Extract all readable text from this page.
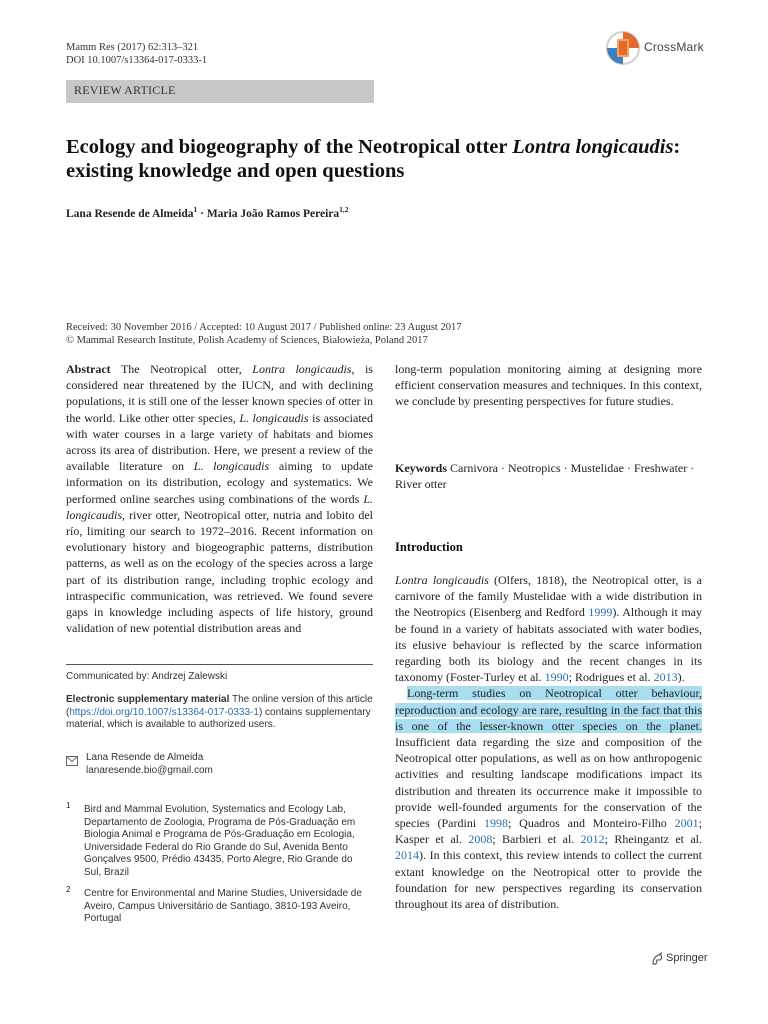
Mamm Res (2017) 62:313–321
DOI 10.1007/s13364-017-0333-1
CrossMark
REVIEW ARTICLE
Ecology and biogeography of the Neotropical otter Lontra longicaudis: existing knowledge and open questions
Lana Resende de Almeida$^1$ · Maria João Ramos Pereira$^{1,2}$
Received: 30 November 2016 / Accepted: 10 August 2017 / Published online: 23 August 2017
© Mammal Research Institute, Polish Academy of Sciences, Białowieża, Poland 2017

Abstract The Neotropical otter, Lontra longicaudis, is considered near threatened by the IUCN, and with declining populations, it is still one of the lesser known species of otter in the world. Like other otter species, L. longicaudis is associated with water courses in a large variety of habitats and biomes across its area of distribution. Here, we present a review of the available literature on L. longicaudis aiming to update information on its distribution, ecology and systematics. We performed online searches using combinations of the words L. longicaudis, river otter, Neotropical otter, nutria and lobito del río, limiting our search to 1972–2016. Recent information on evolutionary history and biogeographic patterns, distribution patterns, as well as on the ecology of the species across a large part of its distribution range, including trophic ecology and intraspecific communication, was retrieved. We found severe gaps in knowledge including aspects of life history, ground validation of new potential distribution areas and

Communicated by: Andrzej Zalewski
Electronic supplementary material The online version of this article (https://doi.org/10.1007/s13364-017-0333-1) contains supplementary material, which is available to authorized users.
Lana Resende de Almeida
lanaresende.bio@gmail.com
1 Bird and Mammal Evolution, Systematics and Ecology Lab, Departamento de Zoologia, Programa de Pós-Graduação em Biologia Animal e Programa de Pós-Graduação em Ecologia, Universidade Federal do Rio Grande do Sul, Avenida Bento Gonçalves 9500, Prédio 43435, Porto Alegre, Rio Grande do Sul, Brazil
2 Centre for Environmental and Marine Studies, Universidade de Aveiro, Campus Universitário de Santiago, 3810-193 Aveiro, Portugal
long-term population monitoring aiming at designing more efficient conservation measures and techniques. In this context, we conclude by presenting perspectives for future studies.
Keywords Carnivora · Neotropics · Mustelidae · Freshwater · River otter
Introduction

Lontra longicaudis (Olfers, 1818), the Neotropical otter, is a carnivore of the family Mustelidae with a wide distribution in the Neotropics (Eisenberg and Redford 1999). Although it may be found in a variety of habitats associated with water bodies, its elusive behaviour is reflected by the scarce information regarding both its biology and the recent changes in its taxonomy (Foster-Turley et al. 1990; Rodrigues et al. 2013).

Long-term studies on Neotropical otter behaviour, reproduction and ecology are rare, resulting in the fact that this is one of the lesser-known otter species on the planet. Insufficient data regarding the size and composition of the Neotropical otter populations, as well as on how anthropogenic activities and resulting landscape modifications impact its distribution and threaten its occurrence make it impossible to provide well-founded arguments for the conservation of the species (Pardini 1998; Quadros and Monteiro-Filho 2001; Kasper et al. 2008; Barbieri et al. 2012; Rheingantz et al. 2014). In this context, this review intends to collect the current extant knowledge on the Neotropical otter to provide the foundation for new perspectives regarding its conservation throughout its area of distribution.

Springer
